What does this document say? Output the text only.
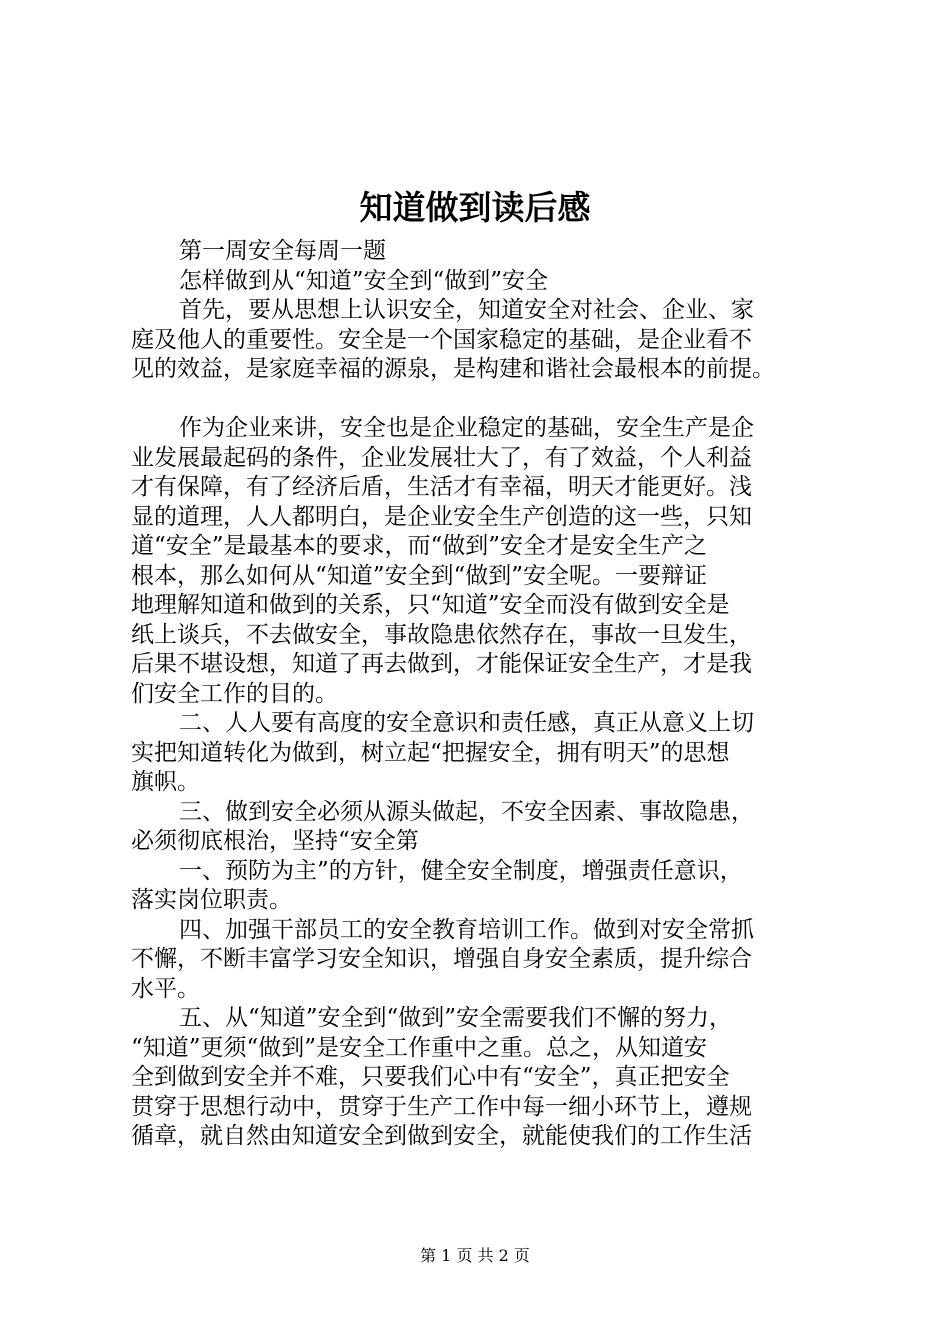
知道做到读后感
第一周安全每周一题
怎样做到从“知道”安全到“做到”安全
首先，要从思想上认识安全，知道安全对社会、企业、家
庭及他人的重要性。安全是一个国家稳定的基础，是企业看不
见的效益，是家庭幸福的源泉，是构建和谐社会最根本的前提。
作为企业来讲，安全也是企业稳定的基础，安全生产是企
业发展最起码的条件，企业发展壮大了，有了效益，个人利益
才有保障，有了经济后盾，生活才有幸福，明天才能更好。浅
显的道理，人人都明白，是企业安全生产创造的这一些，只知
道“安全”是最基本的要求，而“做到”安全才是安全生产之
根本，那么如何从“知道”安全到“做到”安全呢。一要辩证
地理解知道和做到的关系，只“知道”安全而没有做到安全是
纸上谈兵，不去做安全，事故隐患依然存在，事故一旦发生，
后果不堪设想，知道了再去做到，才能保证安全生产，才是我
们安全工作的目的。
二、人人要有高度的安全意识和责任感，真正从意义上切
实把知道转化为做到，树立起“把握安全，拥有明天”的思想
旗帜。
三、做到安全必须从源头做起，不安全因素、事故隐患，
必须彻底根治，坚持“安全第
一、预防为主”的方针，健全安全制度，增强责任意识，
落实岗位职责。
四、加强干部员工的安全教育培训工作。做到对安全常抓
不懈，不断丰富学习安全知识，增强自身安全素质，提升综合
水平。
五、从“知道”安全到“做到”安全需要我们不懈的努力，
“知道”更须“做到”是安全工作重中之重。总之，从知道安
全到做到安全并不难，只要我们心中有“安全”，真正把安全
贯穿于思想行动中，贯穿于生产工作中每一细小环节上，遵规
循章，就自然由知道安全到做到安全，就能使我们的工作生活
第 1 页 共 2 页
